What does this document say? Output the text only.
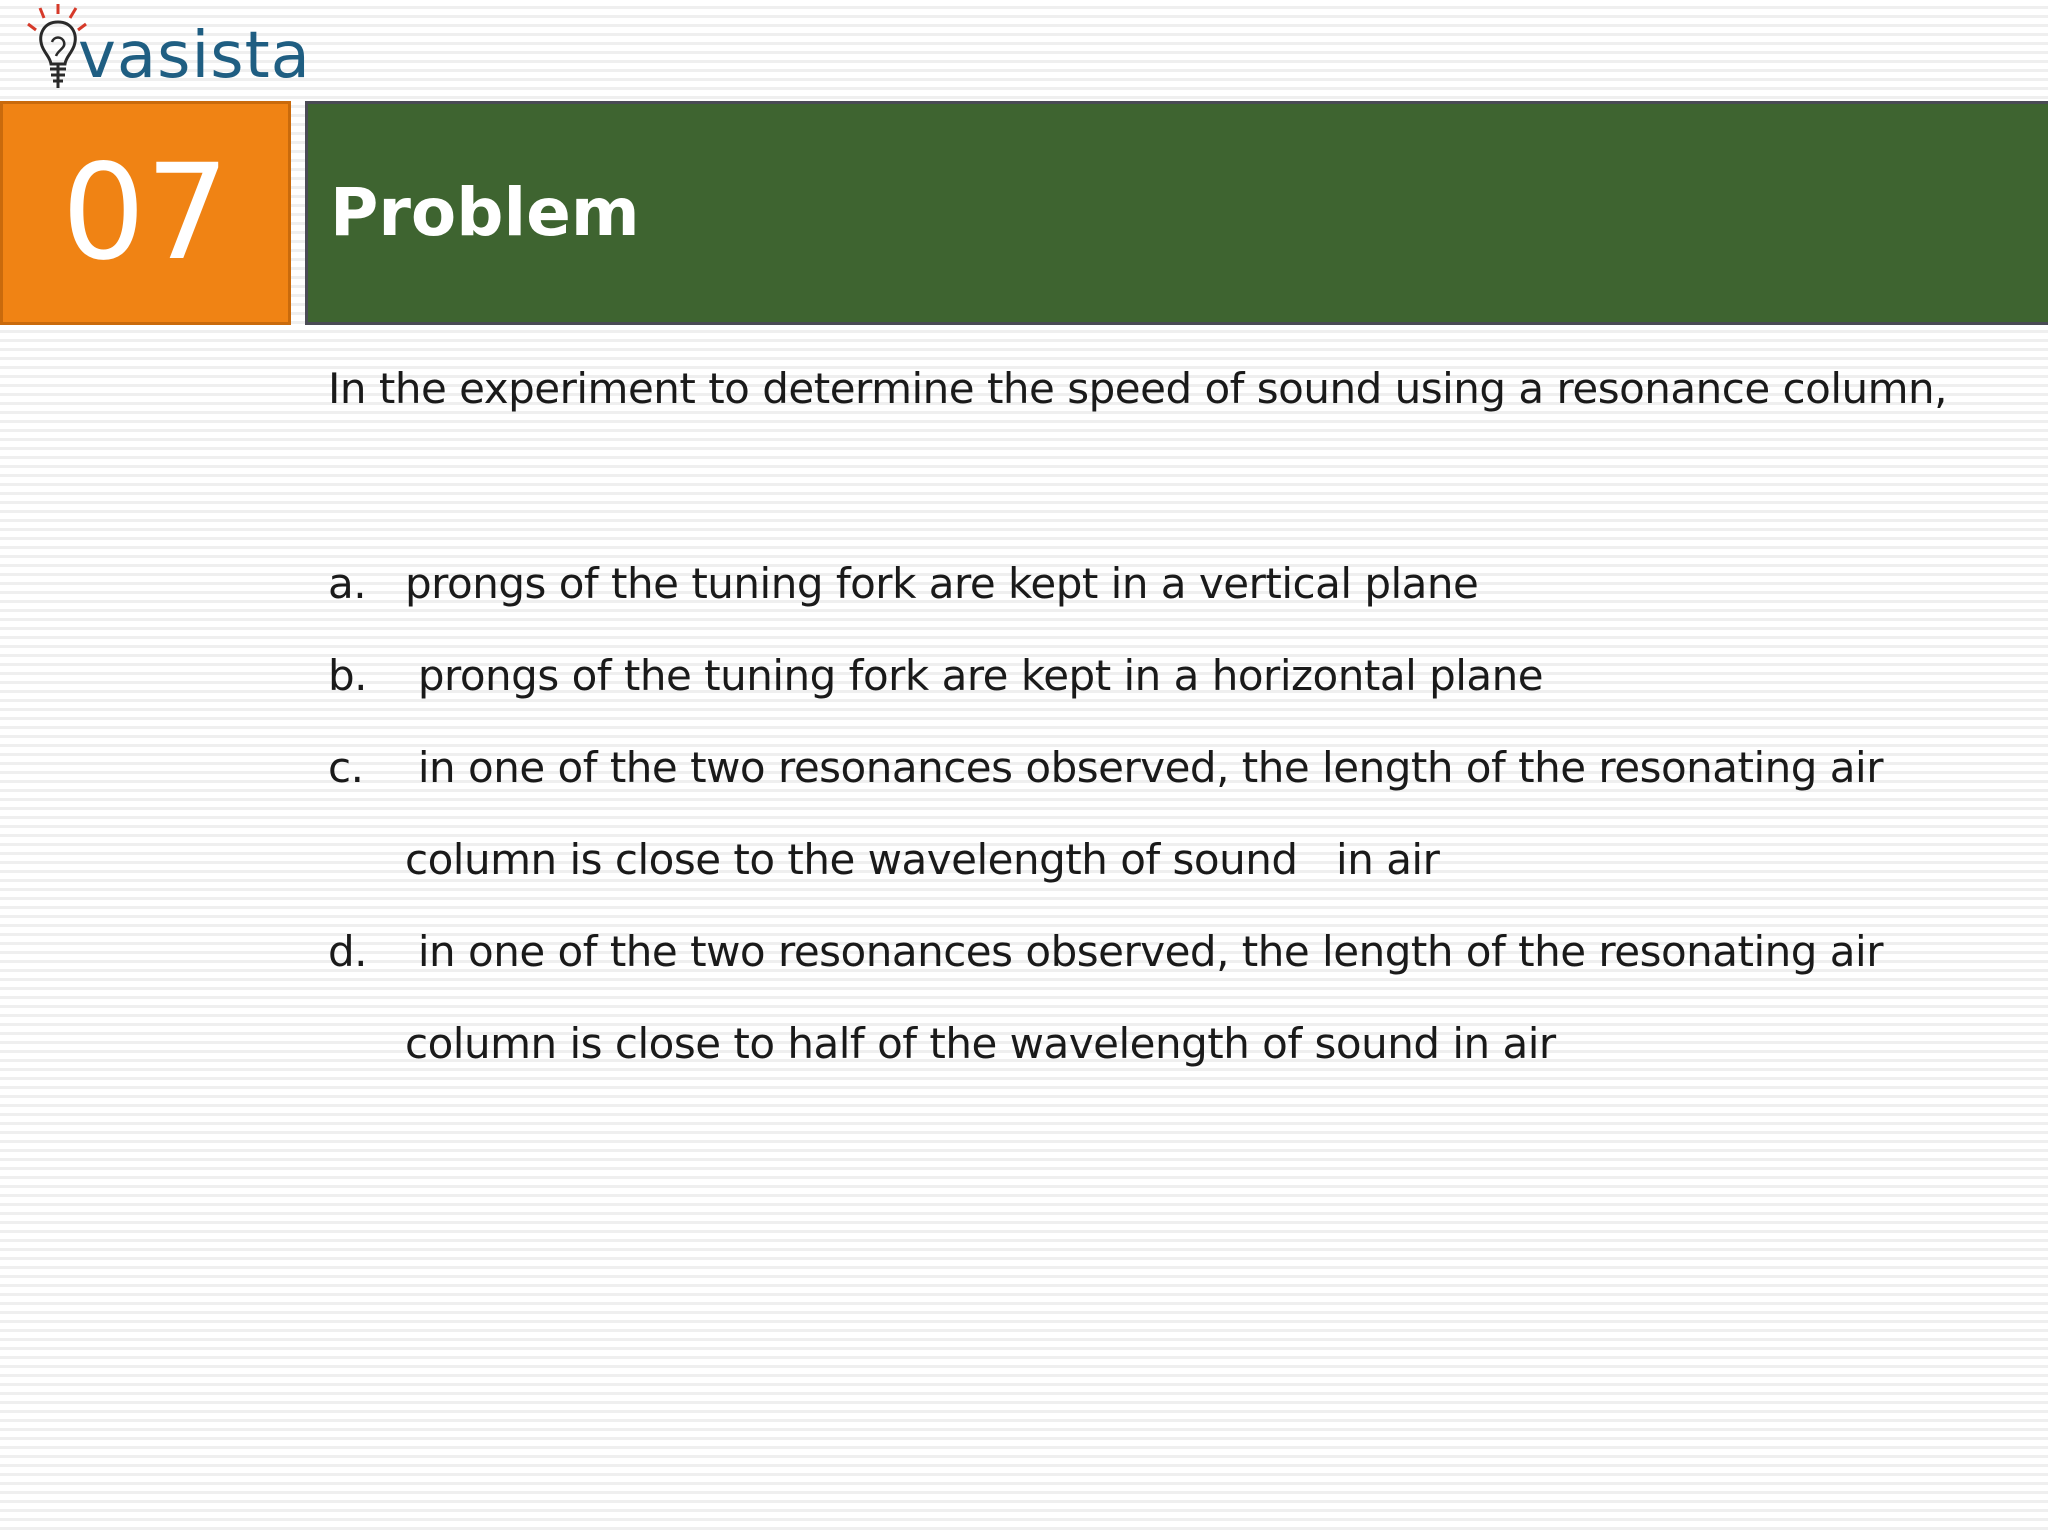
vasista
07	Problem
In the experiment to determine the speed of sound using a resonance column,
a. prongs of the tuning fork are kept in a vertical plane
b. prongs of the tuning fork are kept in a horizontal plane
c. in one of the two resonances observed, the length of the resonating air column is close to the wavelength of sound   in air
d. in one of the two resonances observed, the length of the resonating air column is close to half of the wavelength of sound in air
